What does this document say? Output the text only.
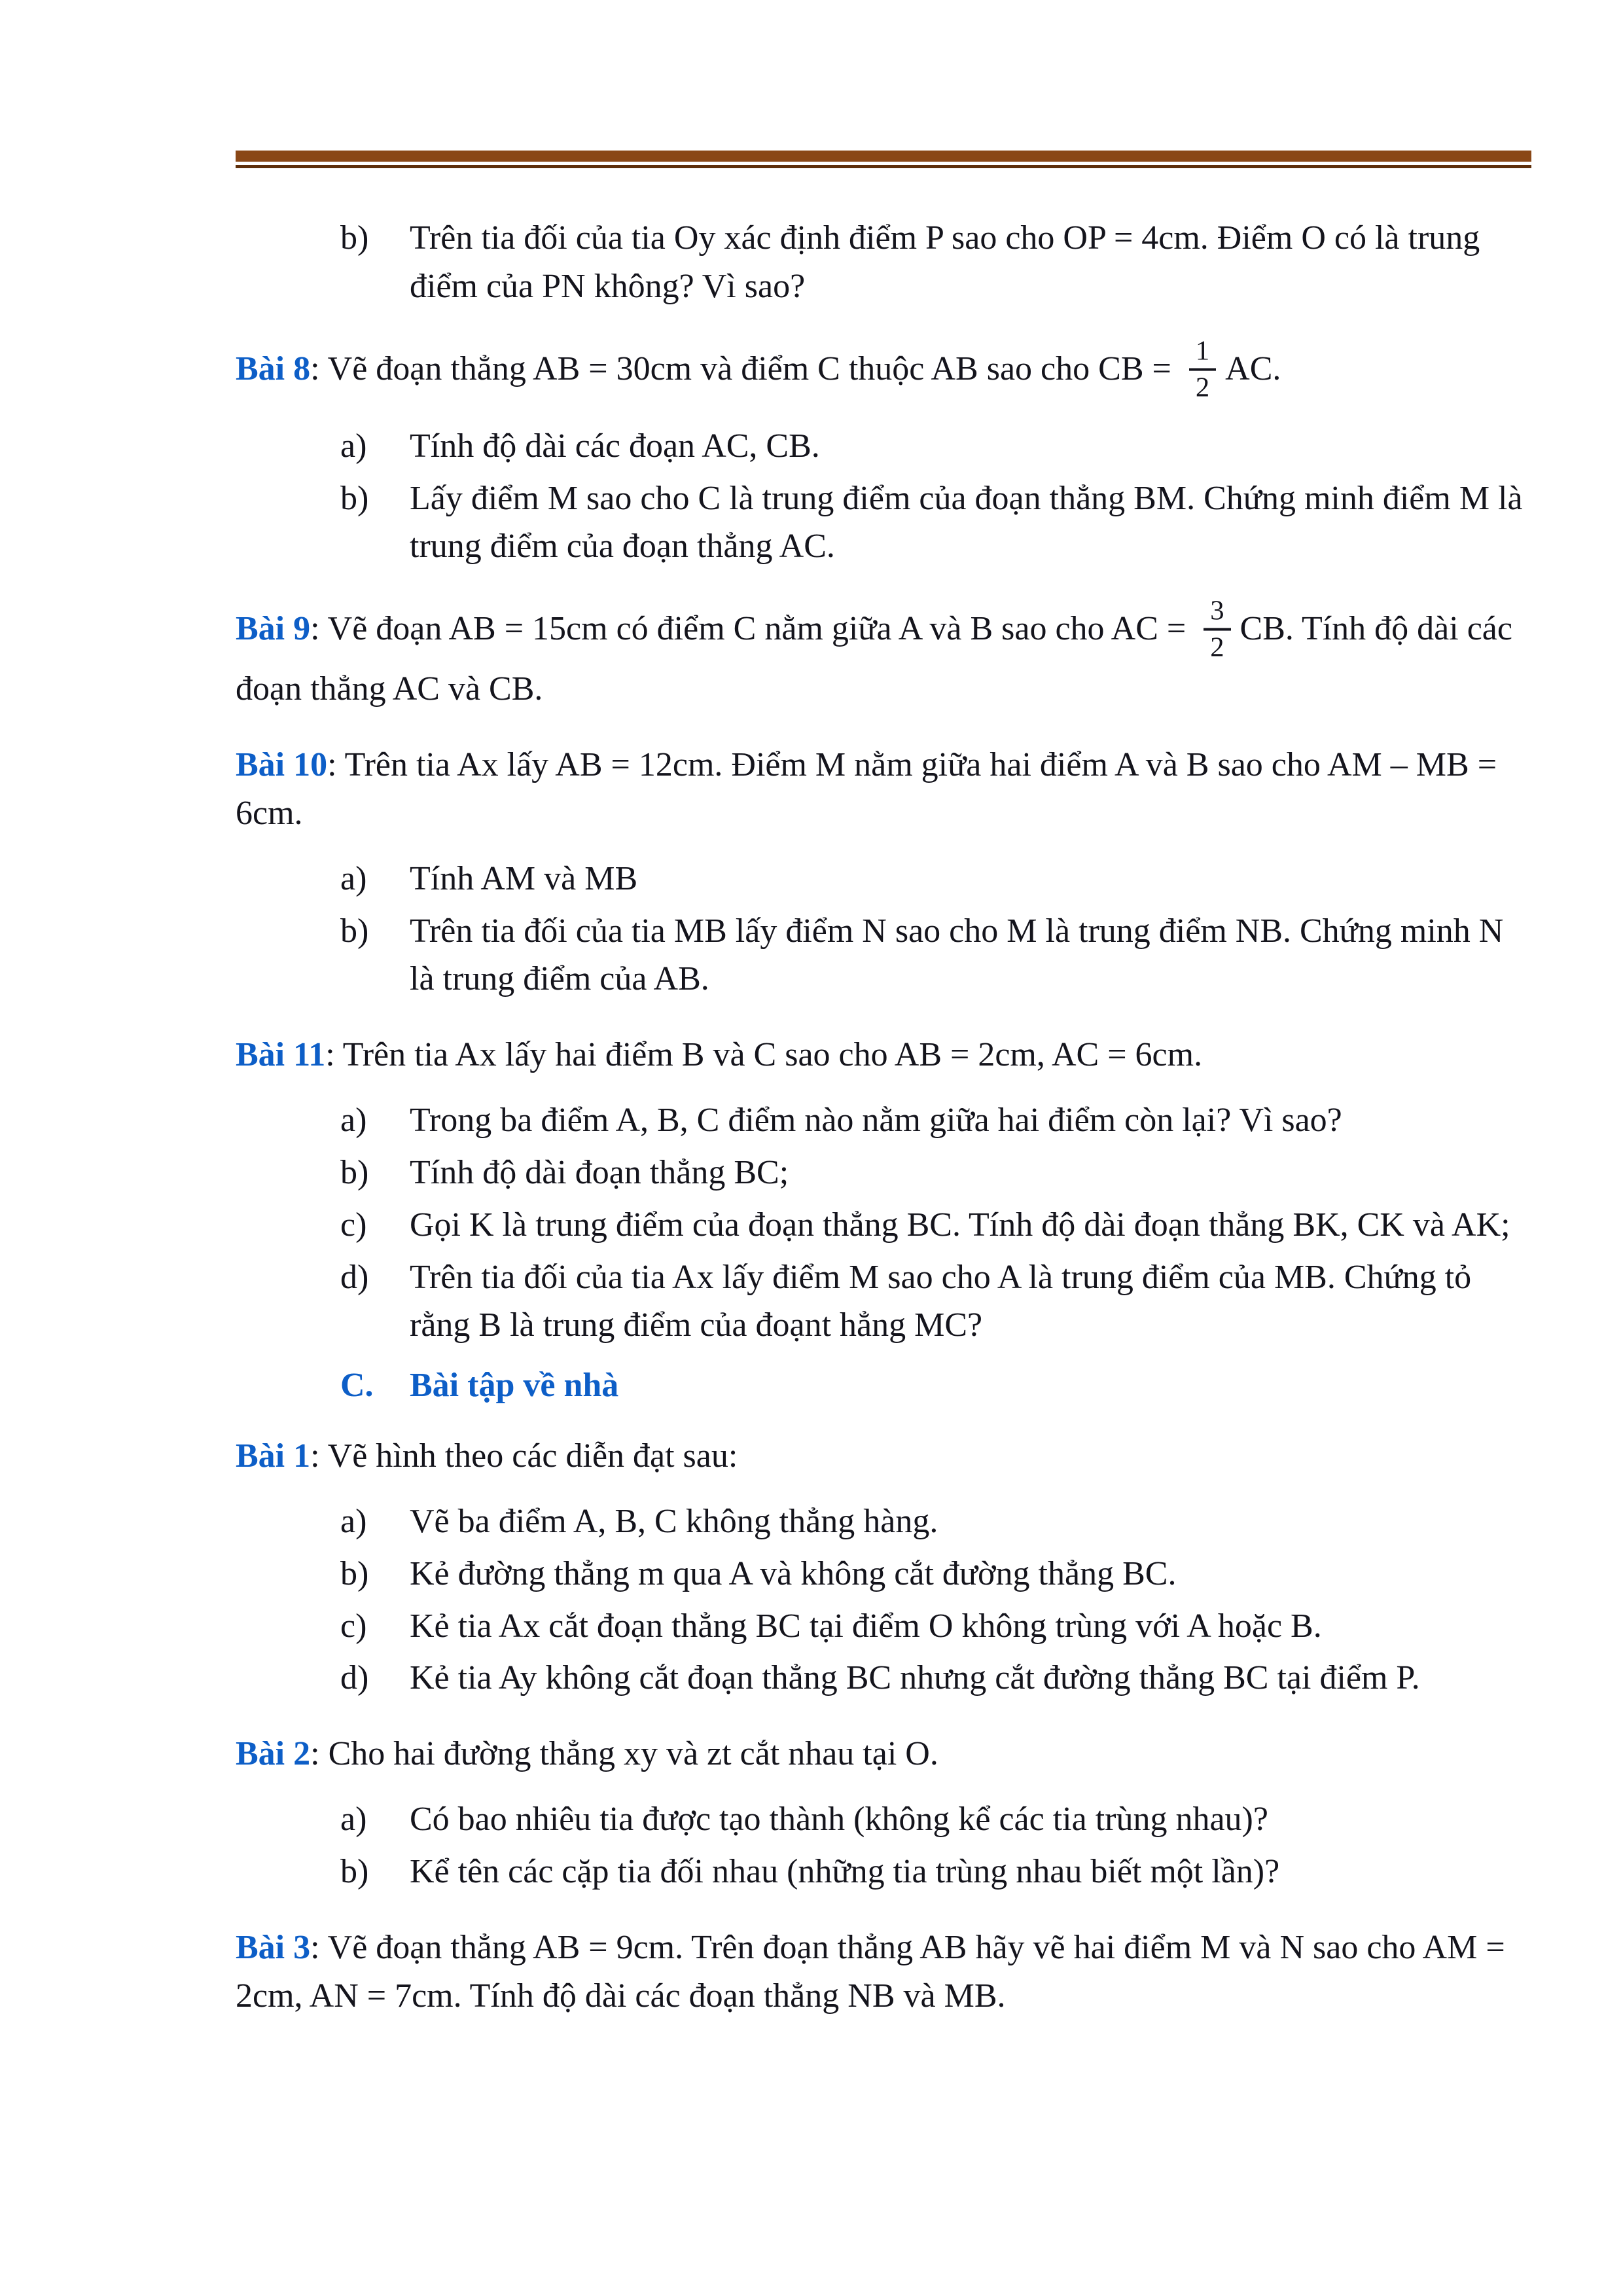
b)	Trên tia đối của tia Oy xác định điểm P sao cho OP = 4cm. Điểm O có là trung điểm của PN không? Vì sao?

Bài 8: Vẽ đoạn thẳng AB = 30cm và điểm C thuộc AB sao cho CB = $\frac{1}{2}$ AC.

a)	Tính độ dài các đoạn AC, CB.
b)	Lấy điểm M sao cho C là trung điểm của đoạn thẳng BM. Chứng minh điểm M là trung điểm của đoạn thẳng AC.

Bài 9: Vẽ đoạn AB = 15cm có điểm C nằm giữa A và B sao cho AC = $\frac{3}{2}$ CB. Tính độ dài các đoạn thẳng AC và CB.

Bài 10: Trên tia Ax lấy AB = 12cm. Điểm M nằm giữa hai điểm A và B sao cho AM – MB = 6cm.

a)	Tính AM và MB
b)	Trên tia đối của tia MB lấy điểm N sao cho M là trung điểm NB. Chứng minh N là trung điểm của AB.

Bài 11: Trên tia Ax lấy hai điểm B và C sao cho AB = 2cm, AC = 6cm.

a)	Trong ba điểm A, B, C điểm nào nằm giữa hai điểm còn lại? Vì sao?
b)	Tính độ dài đoạn thẳng BC;
c)	Gọi K là trung điểm của đoạn thẳng BC. Tính độ dài đoạn thẳng BK, CK và AK;
d)	Trên tia đối của tia Ax lấy điểm M sao cho A là trung điểm của MB. Chứng tỏ rằng B là trung điểm của đoạnt hẳng MC?
C.	Bài tập về nhà

Bài 1: Vẽ hình theo các diễn đạt sau:

a)	Vẽ ba điểm A, B, C không thẳng hàng.
b)	Kẻ đường thẳng m qua A và không cắt đường thẳng BC.
c)	Kẻ tia Ax cắt đoạn thẳng BC tại điểm O không trùng với A hoặc B.
d)	Kẻ tia Ay không cắt đoạn thẳng BC nhưng cắt đường thẳng BC tại điểm P.

Bài 2: Cho hai đường thẳng xy và zt cắt nhau tại O.

a)	Có bao nhiêu tia được tạo thành (không kể các tia trùng nhau)?
b)	Kể tên các cặp tia đối nhau (những tia trùng nhau biết một lần)?

Bài 3: Vẽ đoạn thẳng AB = 9cm. Trên đoạn thẳng AB hãy vẽ hai điểm M và N sao cho AM = 2cm, AN = 7cm. Tính độ dài các đoạn thẳng NB và MB.
